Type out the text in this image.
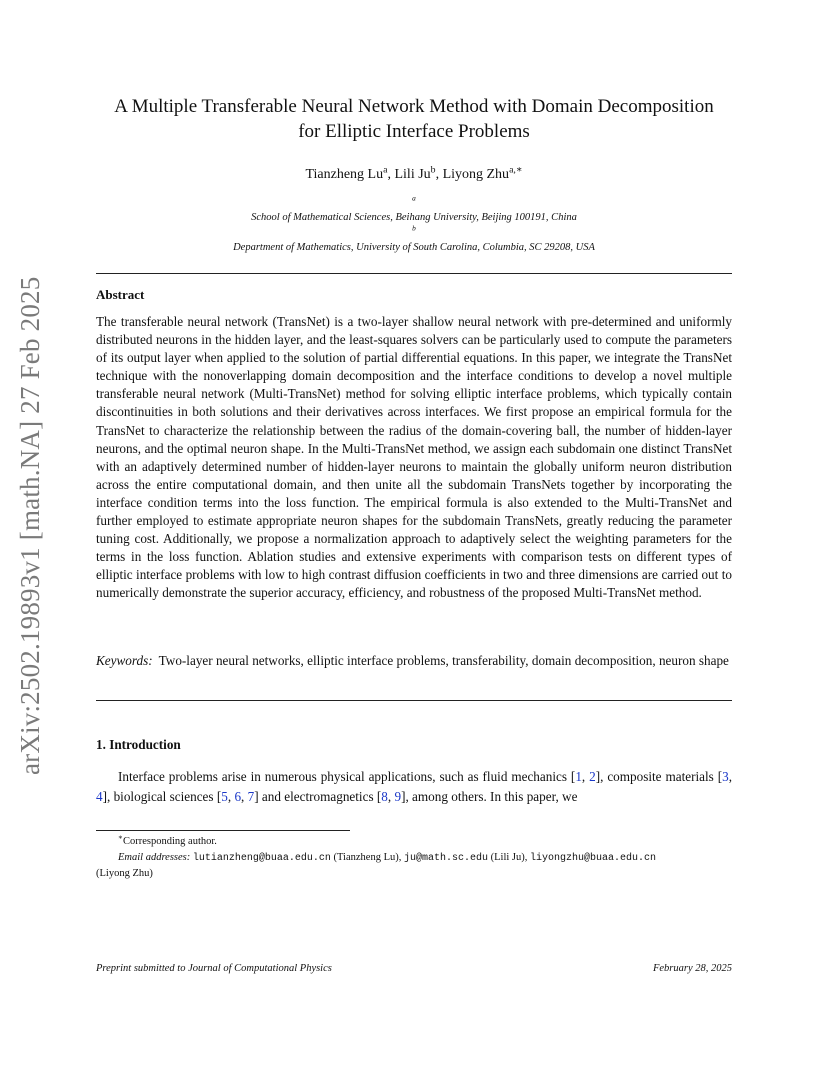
arXiv:2502.19893v1 [math.NA] 27 Feb 2025
A Multiple Transferable Neural Network Method with Domain Decomposition
for Elliptic Interface Problems
Tianzheng Lu$^a$, Lili Ju$^b$, Liyong Zhu$^{a,∗}$
$^a$
School of Mathematical Sciences, Beihang University, Beijing 100191, China
$^b$
Department of Mathematics, University of South Carolina, Columbia, SC 29208, USA
Abstract
The transferable neural network (TransNet) is a two-layer shallow neural network with pre-determined and uniformly distributed neurons in the hidden layer, and the least-squares solvers can be particularly used to compute the parameters of its output layer when applied to the solution of partial differential equations. In this paper, we integrate the TransNet technique with the nonoverlapping domain decomposition and the interface conditions to develop a novel multiple transferable neural network (Multi-TransNet) method for solving elliptic interface problems, which typically contain discontinuities in both solutions and their derivatives across interfaces. We first propose an empirical formula for the TransNet to characterize the relationship between the radius of the domain-covering ball, the number of hidden-layer neurons, and the optimal neuron shape. In the Multi-TransNet method, we assign each subdomain one distinct TransNet with an adaptively determined number of hidden-layer neurons to maintain the globally uniform neuron distribution across the entire computational domain, and then unite all the subdomain TransNets together by incorporating the interface condition terms into the loss function. The empirical formula is also extended to the Multi-TransNet and further employed to estimate appropriate neuron shapes for the subdomain TransNets, greatly reducing the parameter tuning cost. Additionally, we propose a normalization approach to adaptively select the weighting parameters for the terms in the loss function. Ablation studies and extensive experiments with comparison tests on different types of elliptic interface problems with low to high contrast diffusion coefficients in two and three dimensions are carried out to numerically demonstrate the superior accuracy, efficiency, and robustness of the proposed Multi-TransNet method.
Keywords: Two-layer neural networks, elliptic interface problems, transferability, domain decomposition, neuron shape
1. Introduction
Interface problems arise in numerous physical applications, such as fluid mechanics [1, 2], composite materials [3, 4], biological sciences [5, 6, 7] and electromagnetics [8, 9], among others. In this paper, we
∗Corresponding author.
Email addresses: lutianzheng@buaa.edu.cn (Tianzheng Lu), ju@math.sc.edu (Lili Ju), liyongzhu@buaa.edu.cn
(Liyong Zhu)
Preprint submitted to Journal of Computational Physics	February 28, 2025
